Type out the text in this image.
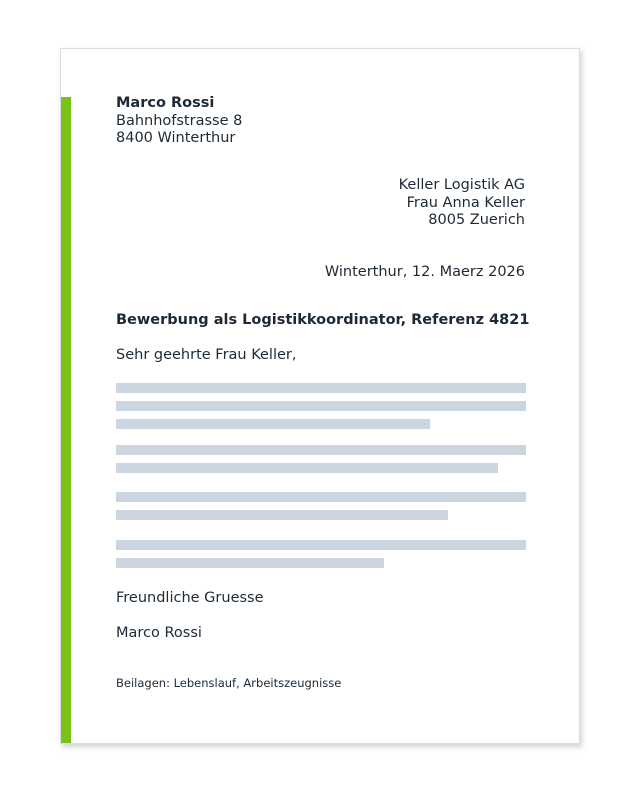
Marco Rossi
Bahnhofstrasse 8
8400 Winterthur
Keller Logistik AG
Frau Anna Keller
8005 Zuerich
Winterthur, 12. Maerz 2026
Bewerbung als Logistikkoordinator, Referenz 4821
Sehr geehrte Frau Keller,
Freundliche Gruesse
Marco Rossi
Beilagen: Lebenslauf, Arbeitszeugnisse
